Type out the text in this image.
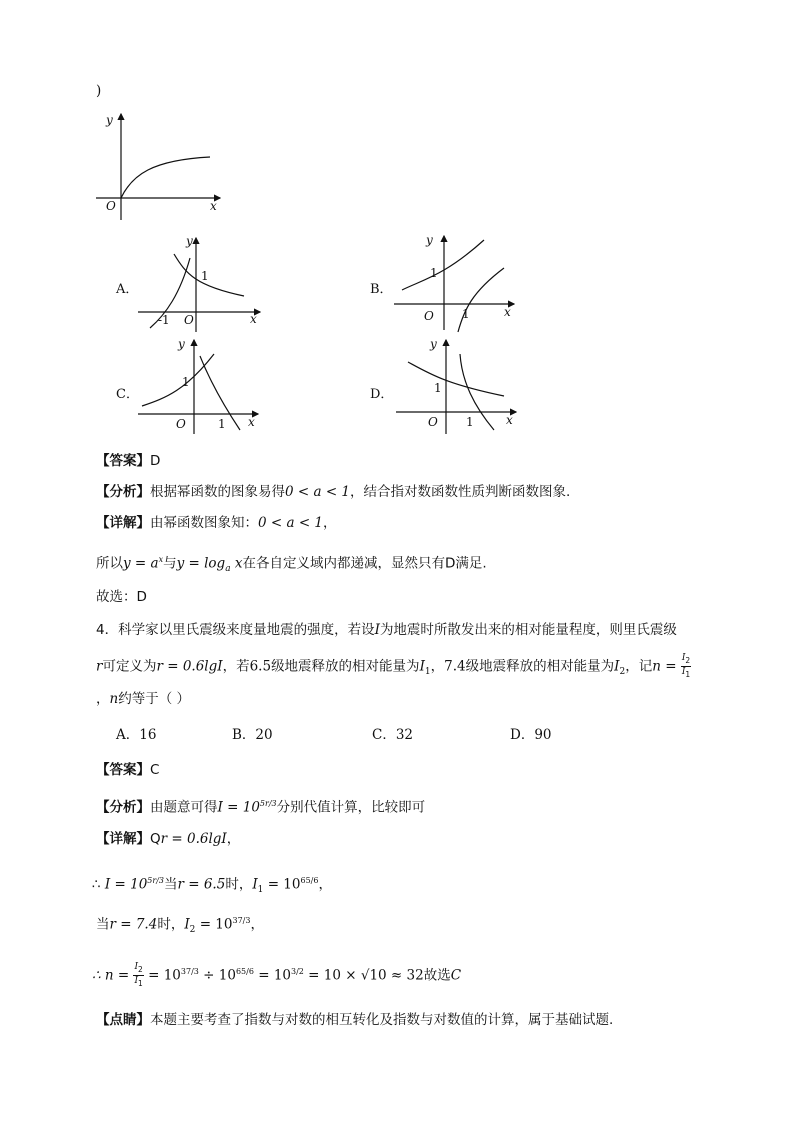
)
y
x
O
A．
y
x
O
1
-1
B．
y
x
O
1
1
C．
y
x
O
1
1
D．
y
x
O
1
1
【答案】D
【分析】根据幂函数的图象易得0 < a < 1，结合指对数函数性质判断函数图象.
【详解】由幂函数图象知：0 < a < 1，
所以$y = a^x$与$y = \log_a x$在各自定义域内都递减，显然只有D满足.
故选：D
4．科学家以里氏震级来度量地震的强度，若设I为地震时所散发出来的相对能量程度，则里氏震级
r可定义为r = 0.6lgI，若6.5级地震释放的相对能量为$I_1$，7.4级地震释放的相对能量为$I_2$，记$n = \frac{I_2}{I_1}$
，n约等于（ ）
A．16	B．20	C．32	D．90
【答案】C
【分析】由题意可得$I = 10^{5r/3}$分别代值计算，比较即可
【详解】Qr = 0.6lgI，
∴ $I = 10^{5r/3}$当r = 6.5时，$I_1 = 10^{65/6}$，
当r = 7.4时，$I_2 = 10^{37/3}$，
∴ $n = \frac{I_2}{I_1} = 10^{37/3} \div 10^{65/6} = 10^{3/2} = 10 \times √10 \approx 32$故选C
【点睛】本题主要考查了指数与对数的相互转化及指数与对数值的计算，属于基础试题.
